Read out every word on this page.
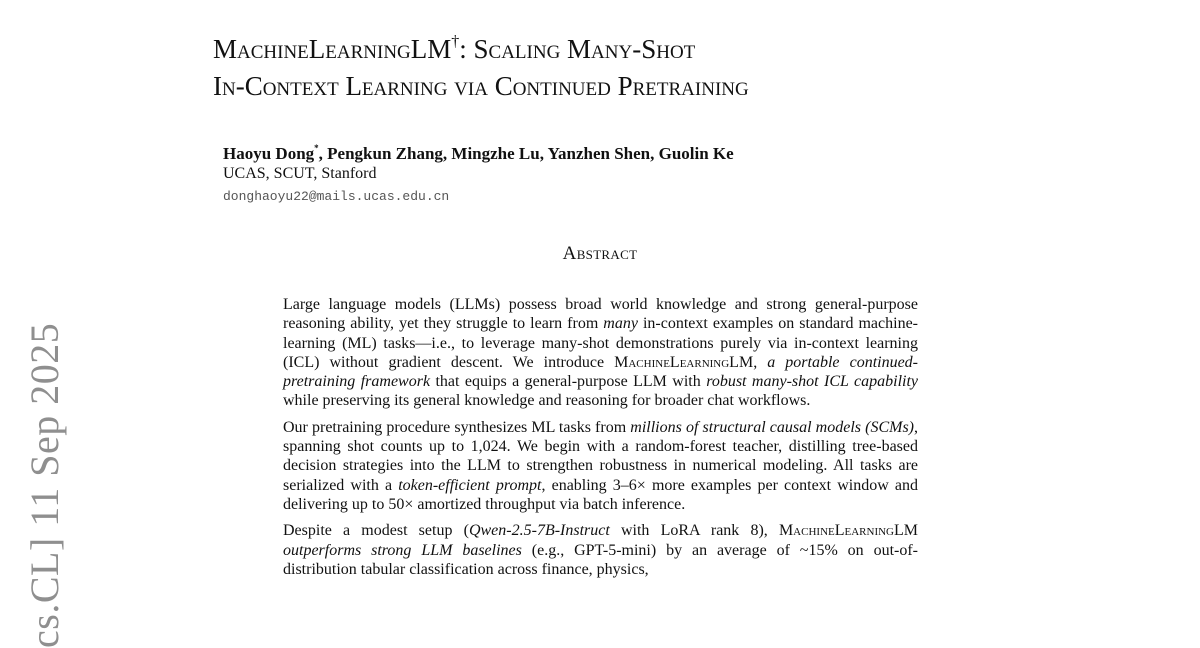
cs.CL] 11 Sep 2025
MachineLearningLM†: Scaling Many-Shot
In-Context Learning via Continued Pretraining
Haoyu Dong*, Pengkun Zhang, Mingzhe Lu, Yanzhen Shen, Guolin Ke
UCAS, SCUT, Stanford
donghaoyu22@mails.ucas.edu.cn
Abstract

Large language models (LLMs) possess broad world knowledge and strong general-purpose reasoning ability, yet they struggle to learn from many in-context examples on standard machine-learning (ML) tasks—i.e., to leverage many-shot demonstrations purely via in-context learning (ICL) without gradient descent. We introduce MachineLearningLM, a portable continued-pretraining framework that equips a general-purpose LLM with robust many-shot ICL capability while preserving its general knowledge and reasoning for broader chat workflows.

Our pretraining procedure synthesizes ML tasks from millions of structural causal models (SCMs), spanning shot counts up to 1,024. We begin with a random-forest teacher, distilling tree-based decision strategies into the LLM to strengthen robustness in numerical modeling. All tasks are serialized with a token-efficient prompt, enabling 3–6× more examples per context window and delivering up to 50× amortized throughput via batch inference.

Despite a modest setup (Qwen-2.5-7B-Instruct with LoRA rank 8), MachineLearningLM outperforms strong LLM baselines (e.g., GPT-5-mini) by an average of ~15% on out-of-distribution tabular classification across finance, physics,
